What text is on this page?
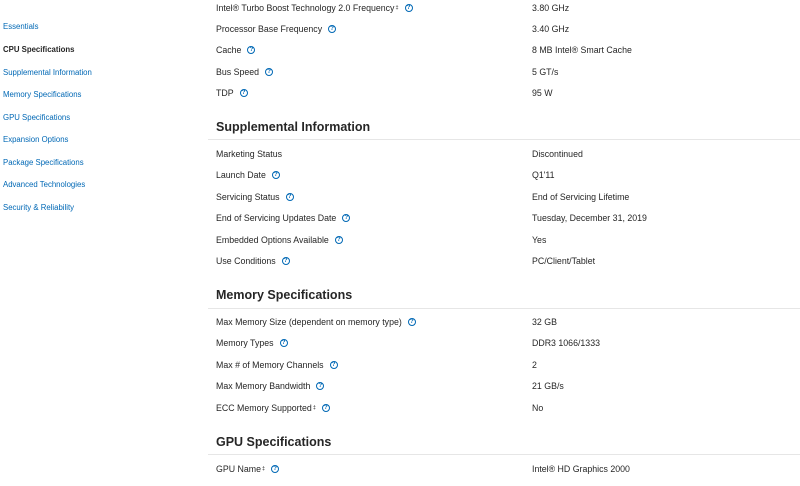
Essentials
CPU Specifications
Supplemental Information
Memory Specifications
GPU Specifications
Expansion Options
Package Specifications
Advanced Technologies
Security & Reliability
Intel® Turbo Boost Technology 2.0 Frequency ‡	?	3.80 GHz
Processor Base Frequency	?	3.40 GHz
Cache	?	8 MB Intel® Smart Cache
Bus Speed	?	5 GT/s
TDP	?	95 W
Supplemental Information
Marketing Status	Discontinued
Launch Date	?	Q1'11
Servicing Status	?	End of Servicing Lifetime
End of Servicing Updates Date	?	Tuesday, December 31, 2019
Embedded Options Available	?	Yes
Use Conditions	?	PC/Client/Tablet
Memory Specifications
Max Memory Size (dependent on memory type)	?	32 GB
Memory Types	?	DDR3 1066/1333
Max # of Memory Channels	?	2
Max Memory Bandwidth	?	21 GB/s
ECC Memory Supported ‡	?	No
GPU Specifications
GPU Name ‡	?	Intel® HD Graphics 2000
